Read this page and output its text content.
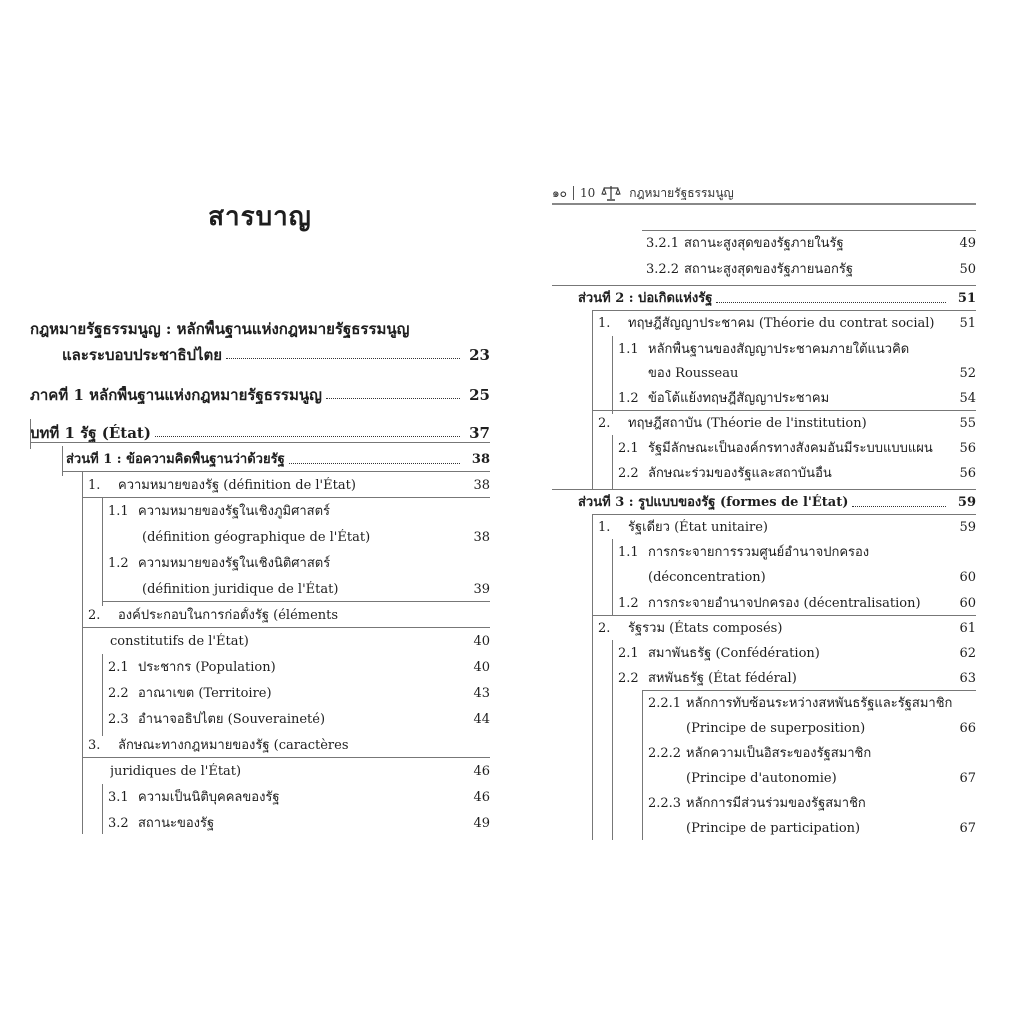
สารบาญ
กฎหมายรัฐธรรมนูญ : หลักพื้นฐานแห่งกฎหมายรัฐธรรมนูญ
และระบอบประชาธิปไตย	23
ภาคที่ 1 หลักพื้นฐานแห่งกฎหมายรัฐธรรมนูญ	25
บทที่ 1 รัฐ (État)	37
ส่วนที่ 1 : ข้อความคิดพื้นฐานว่าด้วยรัฐ	38
1.	ความหมายของรัฐ (définition de l'État)	38
1.1 ความหมายของรัฐในเชิงภูมิศาสตร์
(définition géographique de l'État)	38
1.2 ความหมายของรัฐในเชิงนิติศาสตร์
(définition juridique de l'État)	39
2.	องค์ประกอบในการก่อตั้งรัฐ (éléments
constitutifs de l'État)	40
2.1 ประชากร (Population)	40
2.2 อาณาเขต (Territoire)	43
2.3 อำนาจอธิปไตย (Souveraineté)	44
3.	ลักษณะทางกฎหมายของรัฐ (caractères
juridiques de l'État)	46
3.1 ความเป็นนิติบุคคลของรัฐ	46
3.2 สถานะของรัฐ	49
๑๐ 10	กฎหมายรัฐธรรมนูญ
3.2.1 สถานะสูงสุดของรัฐภายในรัฐ	49
3.2.2 สถานะสูงสุดของรัฐภายนอกรัฐ	50
ส่วนที่ 2 : บ่อเกิดแห่งรัฐ	51
1.	ทฤษฎีสัญญาประชาคม (Théorie du contrat social)	51
1.1 หลักพื้นฐานของสัญญาประชาคมภายใต้แนวคิด
ของ Rousseau	52
1.2 ข้อโต้แย้งทฤษฎีสัญญาประชาคม	54
2.	ทฤษฎีสถาบัน (Théorie de l'institution)	55
2.1 รัฐมีลักษณะเป็นองค์กรทางสังคมอันมีระบบแบบแผน	56
2.2 ลักษณะร่วมของรัฐและสถาบันอื่น	56
ส่วนที่ 3 : รูปแบบของรัฐ (formes de l'État)	59
1.	รัฐเดี่ยว (État unitaire)	59
1.1 การกระจายการรวมศูนย์อำนาจปกครอง
(déconcentration)	60
1.2 การกระจายอำนาจปกครอง (décentralisation)	60
2.	รัฐรวม (États composés)	61
2.1 สมาพันธรัฐ (Confédération)	62
2.2 สหพันธรัฐ (État fédéral)	63
2.2.1 หลักการทับซ้อนระหว่างสหพันธรัฐและรัฐสมาชิก
(Principe de superposition)	66
2.2.2 หลักความเป็นอิสระของรัฐสมาชิก
(Principe d'autonomie)	67
2.2.3 หลักการมีส่วนร่วมของรัฐสมาชิก
(Principe de participation)	67
